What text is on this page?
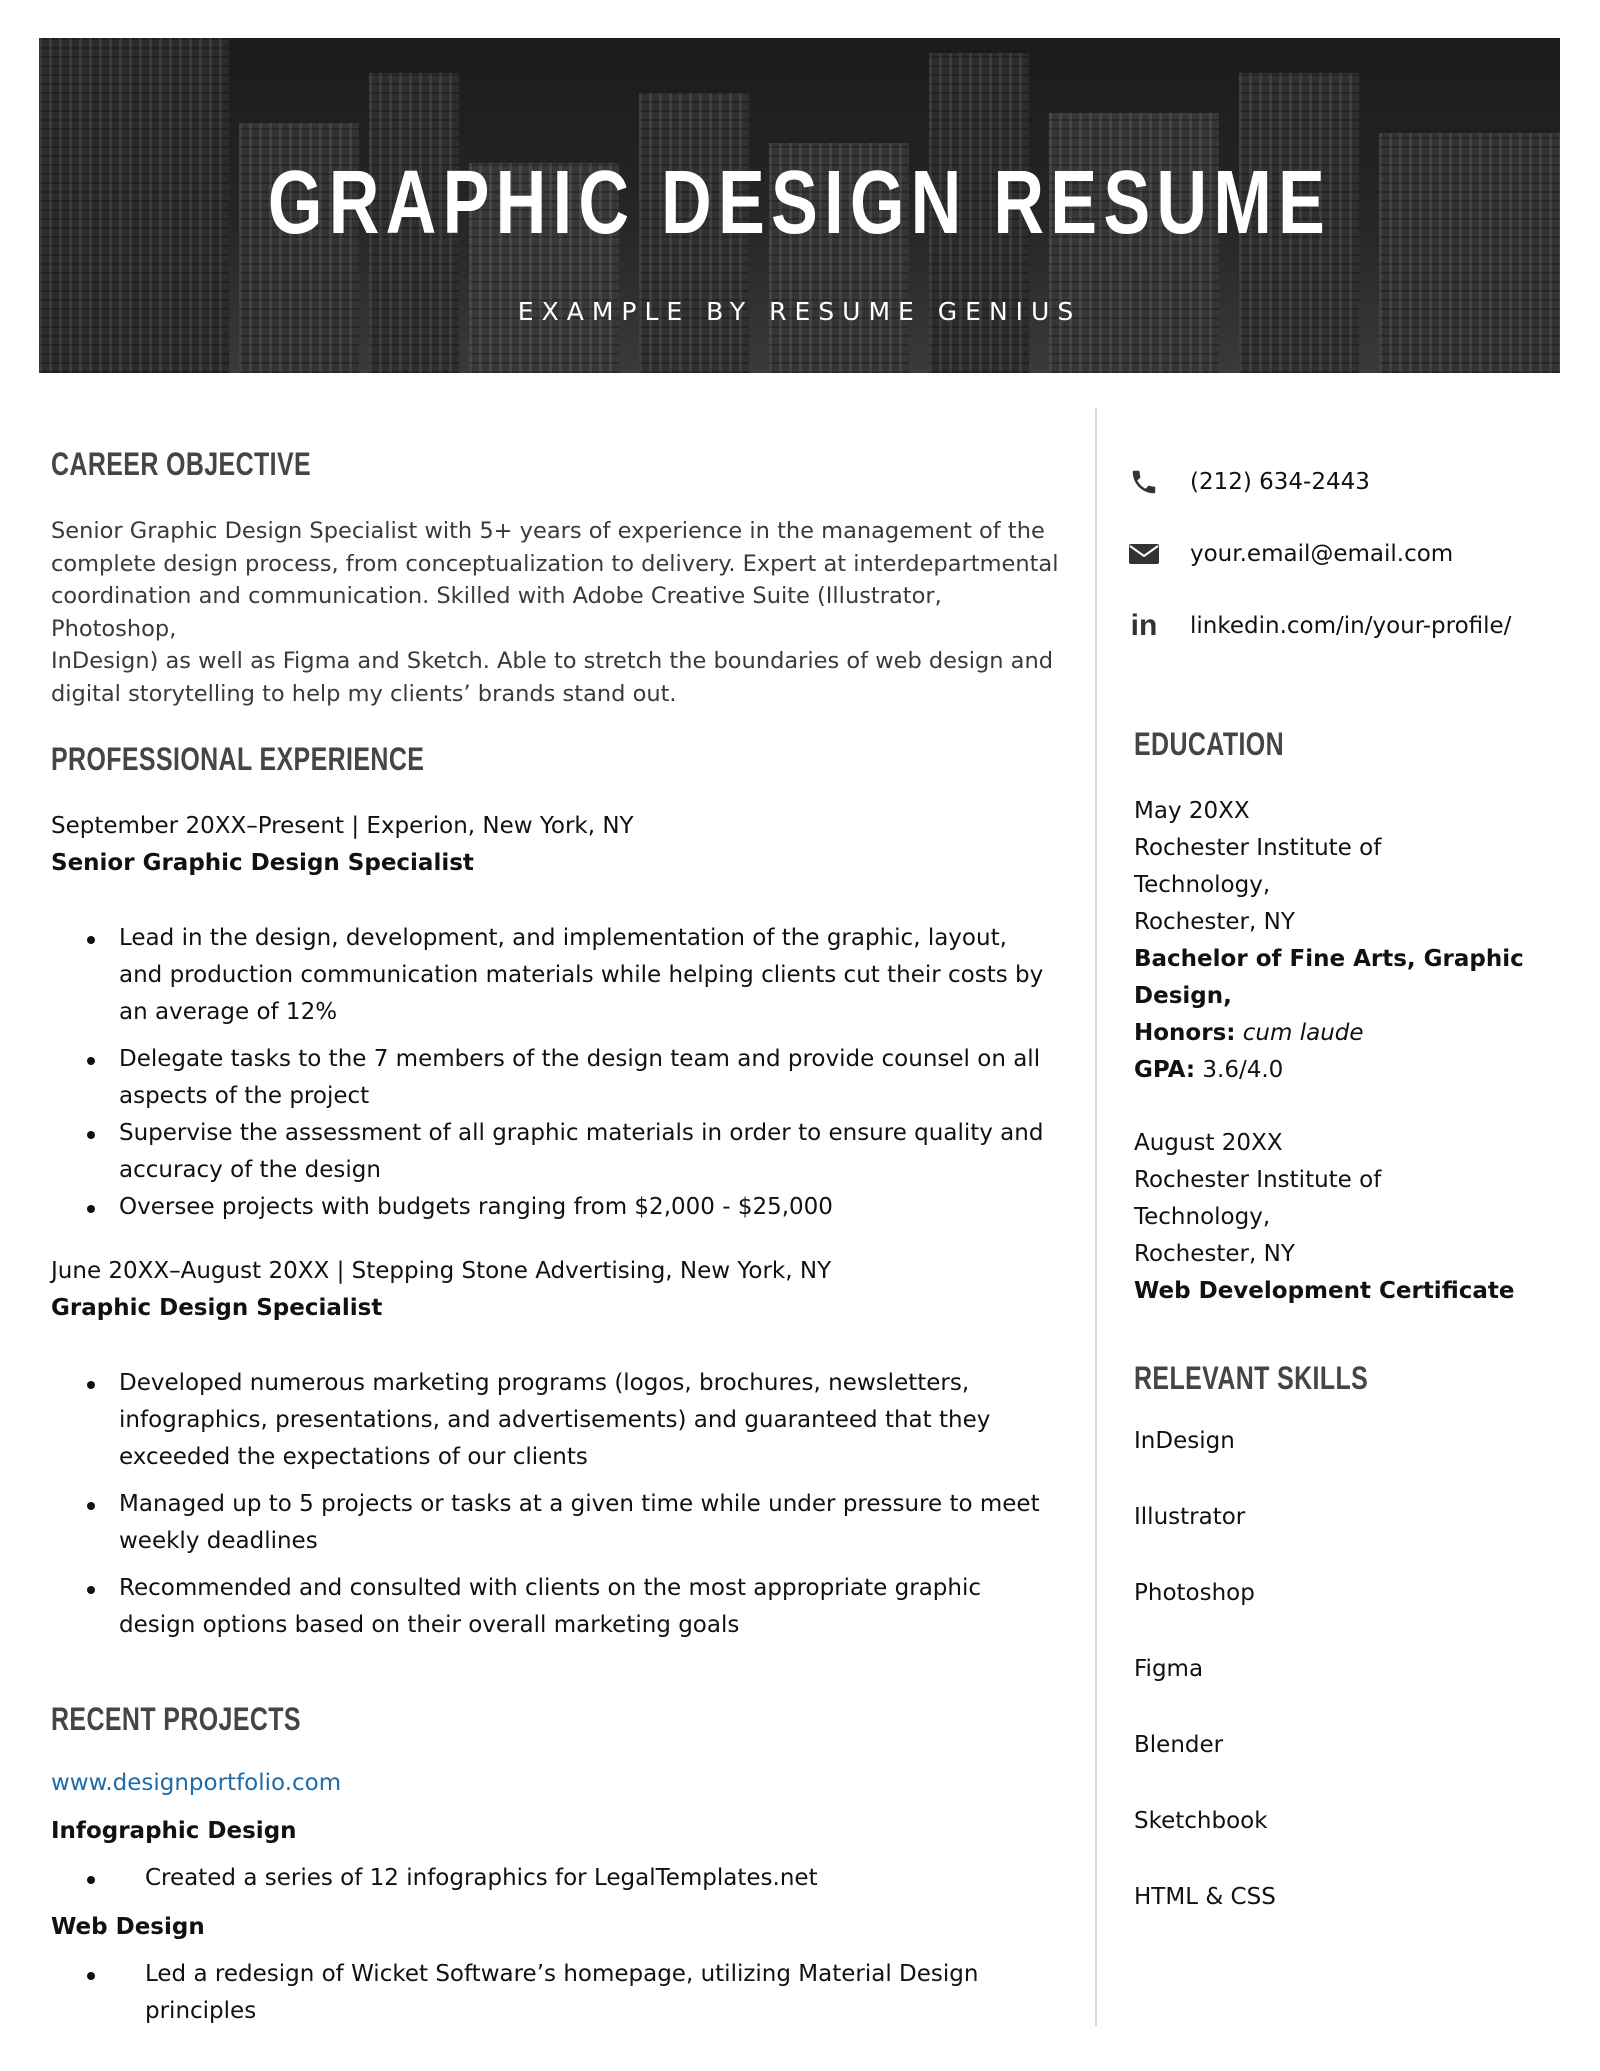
GRAPHIC DESIGN RESUME
EXAMPLE BY RESUME GENIUS
CAREER OBJECTIVE
Senior Graphic Design Specialist with 5+ years of experience in the management of the
complete design process, from conceptualization to delivery. Expert at interdepartmental
coordination and communication. Skilled with Adobe Creative Suite (Illustrator, Photoshop,
InDesign) as well as Figma and Sketch. Able to stretch the boundaries of web design and
digital storytelling to help my clients’ brands stand out.
PROFESSIONAL EXPERIENCE
September 20XX–Present | Experion, New York, NY
Senior Graphic Design Specialist
Lead in the design, development, and implementation of the graphic, layout,
and production communication materials while helping clients cut their costs by
an average of 12%
Delegate tasks to the 7 members of the design team and provide counsel on all
aspects of the project
Supervise the assessment of all graphic materials in order to ensure quality and
accuracy of the design
Oversee projects with budgets ranging from $2,000 - $25,000
June 20XX–August 20XX | Stepping Stone Advertising, New York, NY
Graphic Design Specialist
Developed numerous marketing programs (logos, brochures, newsletters,
infographics, presentations, and advertisements) and guaranteed that they
exceeded the expectations of our clients
Managed up to 5 projects or tasks at a given time while under pressure to meet
weekly deadlines
Recommended and consulted with clients on the most appropriate graphic
design options based on their overall marketing goals
RECENT PROJECTS
www.designportfolio.com
Infographic Design
Created a series of 12 infographics for LegalTemplates.net
Web Design
Led a redesign of Wicket Software’s homepage, utilizing Material Design principles
(212) 634-2443
your.email@email.com
in linkedin.com/in/your-profile/
EDUCATION
May 20XX
Rochester Institute of
Technology,
Rochester, NY
Bachelor of Fine Arts, Graphic
Design,
Honors: cum laude
GPA: 3.6/4.0
August 20XX
Rochester Institute of
Technology,
Rochester, NY
Web Development Certificate
RELEVANT SKILLS
InDesign
Illustrator
Photoshop
Figma
Blender
Sketchbook
HTML & CSS
